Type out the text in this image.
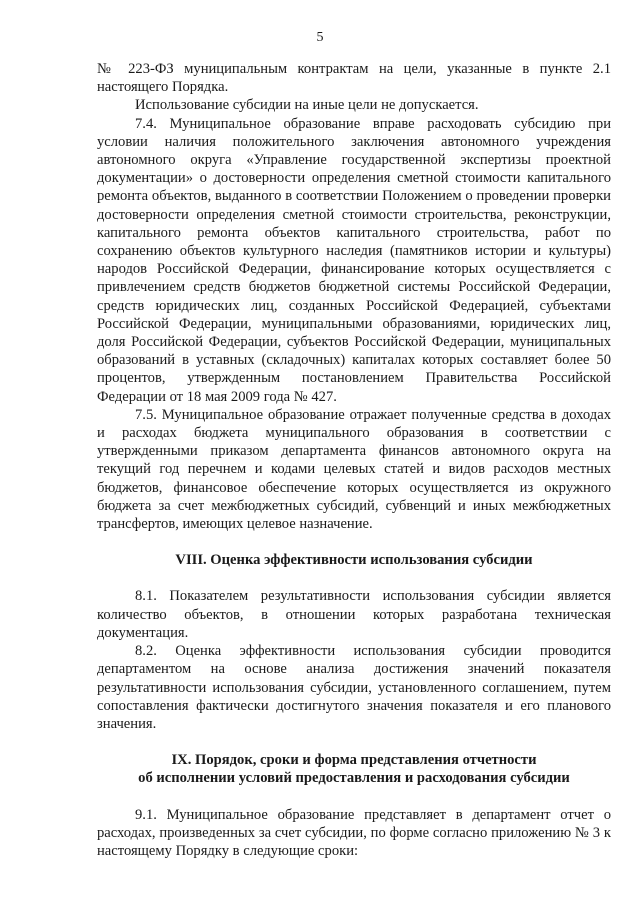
5

№ 223-ФЗ муниципальным контрактам на цели, указанные в пункте 2.1 настоящего Порядка.

Использование субсидии на иные цели не допускается.

7.4. Муниципальное образование вправе расходовать субсидию при условии наличия положительного заключения автономного учреждения автономного округа «Управление государственной экспертизы проектной документации» о достоверности определения сметной стоимости капитального ремонта объектов, выданного в соответствии Положением о проведении проверки достоверности определения сметной стоимости строительства, реконструкции, капитального ремонта объектов капитального строительства, работ по сохранению объектов культурного наследия (памятников истории и культуры) народов Российской Федерации, финансирование которых осуществляется с привлечением средств бюджетов бюджетной системы Российской Федерации, средств юридических лиц, созданных Российской Федерацией, субъектами Российской Федерации, муниципальными образованиями, юридических лиц, доля Российской Федерации, субъектов Российской Федерации, муниципальных образований в уставных (складочных) капиталах которых составляет более 50 процентов, утвержденным постановлением Правительства Российской Федерации от 18 мая 2009 года № 427.

7.5. Муниципальное образование отражает полученные средства в доходах и расходах бюджета муниципального образования в соответствии с утвержденными приказом департамента финансов автономного округа на текущий год перечнем и кодами целевых статей и видов расходов местных бюджетов, финансовое обеспечение которых осуществляется из окружного бюджета за счет межбюджетных субсидий, субвенций и иных межбюджетных трансфертов, имеющих целевое назначение.

VIII. Оценка эффективности использования субсидии

8.1. Показателем результативности использования субсидии является количество объектов, в отношении которых разработана техническая документация.

8.2. Оценка эффективности использования субсидии проводится департаментом на основе анализа достижения значений показателя результативности использования субсидии, установленного соглашением, путем сопоставления фактически достигнутого значения показателя и его планового значения.

IX. Порядок, сроки и форма представления отчетности
об исполнении условий предоставления и расходования субсидии

9.1. Муниципальное образование представляет в департамент отчет о расходах, произведенных за счет субсидии, по форме согласно приложению № 3 к настоящему Порядку в следующие сроки:
